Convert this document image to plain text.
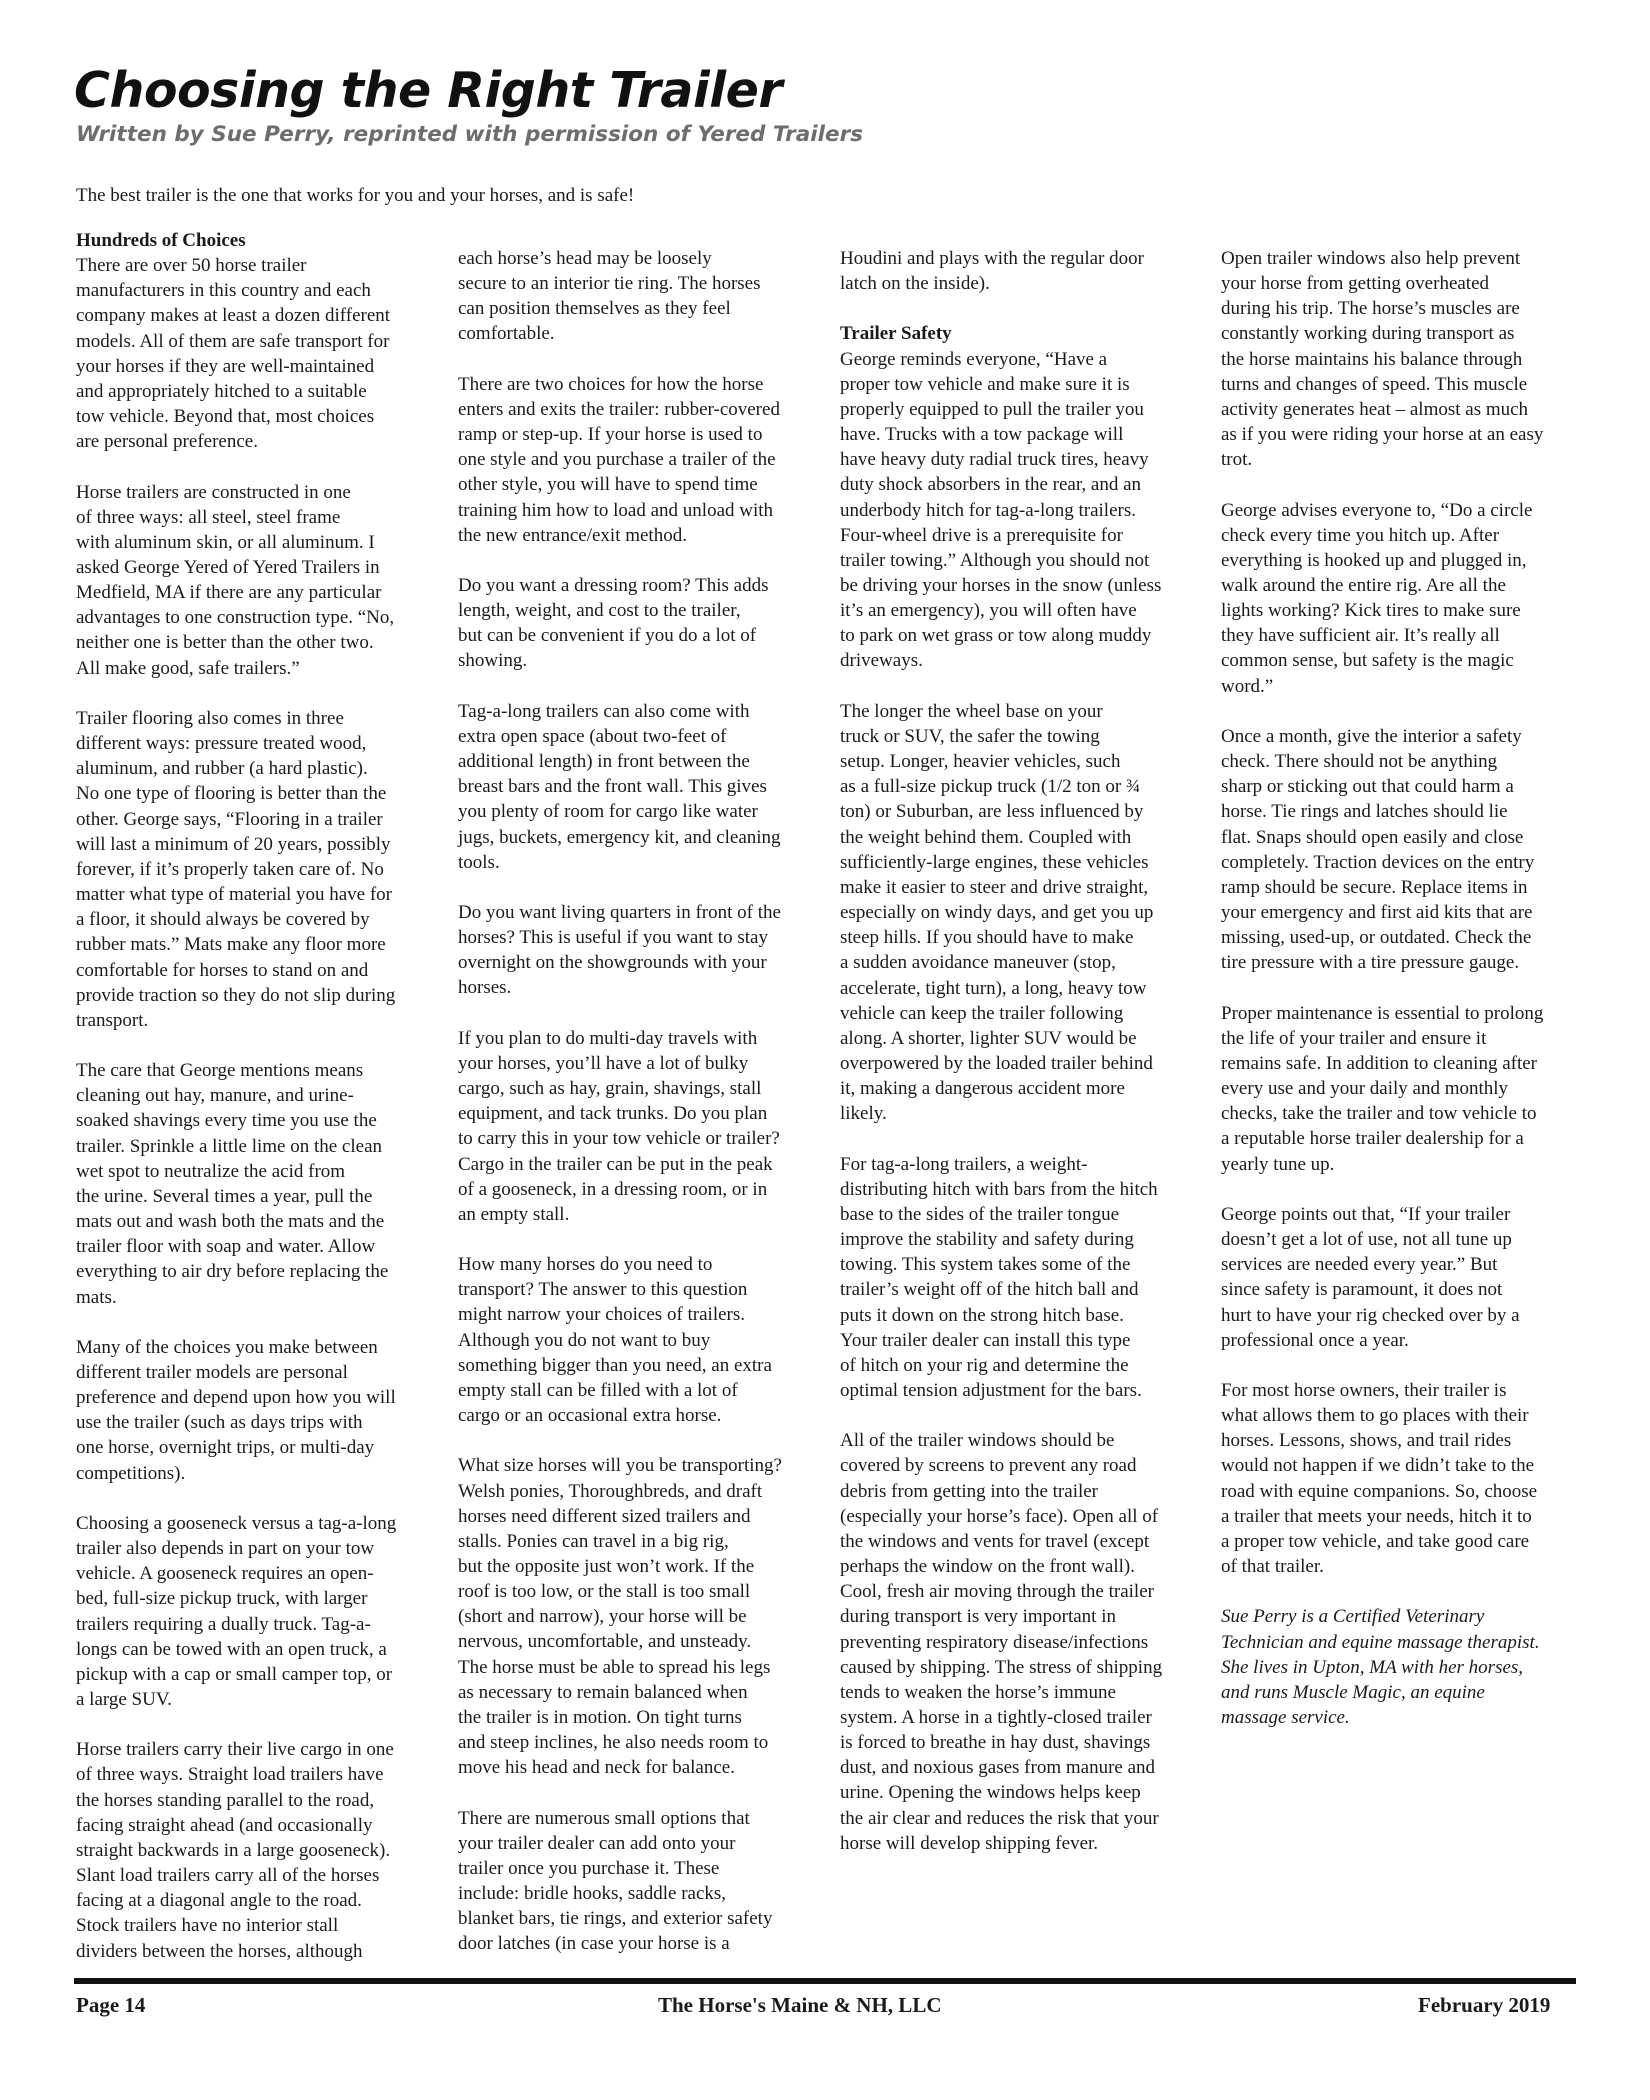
Choosing the Right Trailer

Written by Sue Perry, reprinted with permission of Yered Trailers

The best trailer is the one that works for you and your horses, and is safe!

Hundreds of Choices
There are over 50 horse trailer
manufacturers in this country and each
company makes at least a dozen different
models. All of them are safe transport for
your horses if they are well-maintained
and appropriately hitched to a suitable
tow vehicle. Beyond that, most choices
are personal preference.
Horse trailers are constructed in one
of three ways: all steel, steel frame
with aluminum skin, or all aluminum. I
asked George Yered of Yered Trailers in
Medfield, MA if there are any particular
advantages to one construction type. “No,
neither one is better than the other two.
All make good, safe trailers.”
Trailer flooring also comes in three
different ways: pressure treated wood,
aluminum, and rubber (a hard plastic).
No one type of flooring is better than the
other. George says, “Flooring in a trailer
will last a minimum of 20 years, possibly
forever, if it’s properly taken care of. No
matter what type of material you have for
a floor, it should always be covered by
rubber mats.” Mats make any floor more
comfortable for horses to stand on and
provide traction so they do not slip during
transport.
The care that George mentions means
cleaning out hay, manure, and urine-
soaked shavings every time you use the
trailer. Sprinkle a little lime on the clean
wet spot to neutralize the acid from
the urine. Several times a year, pull the
mats out and wash both the mats and the
trailer floor with soap and water. Allow
everything to air dry before replacing the
mats.
Many of the choices you make between
different trailer models are personal
preference and depend upon how you will
use the trailer (such as days trips with
one horse, overnight trips, or multi-day
competitions).
Choosing a gooseneck versus a tag-a-long
trailer also depends in part on your tow
vehicle. A gooseneck requires an open-
bed, full-size pickup truck, with larger
trailers requiring a dually truck. Tag-a-
longs can be towed with an open truck, a
pickup with a cap or small camper top, or
a large SUV.
Horse trailers carry their live cargo in one
of three ways. Straight load trailers have
the horses standing parallel to the road,
facing straight ahead (and occasionally
straight backwards in a large gooseneck).
Slant load trailers carry all of the horses
facing at a diagonal angle to the road.
Stock trailers have no interior stall
dividers between the horses, although
each horse’s head may be loosely
secure to an interior tie ring. The horses
can position themselves as they feel
comfortable.
There are two choices for how the horse
enters and exits the trailer: rubber-covered
ramp or step-up. If your horse is used to
one style and you purchase a trailer of the
other style, you will have to spend time
training him how to load and unload with
the new entrance/exit method.
Do you want a dressing room? This adds
length, weight, and cost to the trailer,
but can be convenient if you do a lot of
showing.
Tag-a-long trailers can also come with
extra open space (about two-feet of
additional length) in front between the
breast bars and the front wall. This gives
you plenty of room for cargo like water
jugs, buckets, emergency kit, and cleaning
tools.
Do you want living quarters in front of the
horses? This is useful if you want to stay
overnight on the showgrounds with your
horses.
If you plan to do multi-day travels with
your horses, you’ll have a lot of bulky
cargo, such as hay, grain, shavings, stall
equipment, and tack trunks. Do you plan
to carry this in your tow vehicle or trailer?
Cargo in the trailer can be put in the peak
of a gooseneck, in a dressing room, or in
an empty stall.
How many horses do you need to
transport? The answer to this question
might narrow your choices of trailers.
Although you do not want to buy
something bigger than you need, an extra
empty stall can be filled with a lot of
cargo or an occasional extra horse.
What size horses will you be transporting?
Welsh ponies, Thoroughbreds, and draft
horses need different sized trailers and
stalls. Ponies can travel in a big rig,
but the opposite just won’t work. If the
roof is too low, or the stall is too small
(short and narrow), your horse will be
nervous, uncomfortable, and unsteady.
The horse must be able to spread his legs
as necessary to remain balanced when
the trailer is in motion. On tight turns
and steep inclines, he also needs room to
move his head and neck for balance.
There are numerous small options that
your trailer dealer can add onto your
trailer once you purchase it. These
include: bridle hooks, saddle racks,
blanket bars, tie rings, and exterior safety
door latches (in case your horse is a
Houdini and plays with the regular door
latch on the inside).
Trailer Safety
George reminds everyone, “Have a
proper tow vehicle and make sure it is
properly equipped to pull the trailer you
have. Trucks with a tow package will
have heavy duty radial truck tires, heavy
duty shock absorbers in the rear, and an
underbody hitch for tag-a-long trailers.
Four-wheel drive is a prerequisite for
trailer towing.” Although you should not
be driving your horses in the snow (unless
it’s an emergency), you will often have
to park on wet grass or tow along muddy
driveways.
The longer the wheel base on your
truck or SUV, the safer the towing
setup. Longer, heavier vehicles, such
as a full-size pickup truck (1/2 ton or ¾
ton) or Suburban, are less influenced by
the weight behind them. Coupled with
sufficiently-large engines, these vehicles
make it easier to steer and drive straight,
especially on windy days, and get you up
steep hills. If you should have to make
a sudden avoidance maneuver (stop,
accelerate, tight turn), a long, heavy tow
vehicle can keep the trailer following
along. A shorter, lighter SUV would be
overpowered by the loaded trailer behind
it, making a dangerous accident more
likely.
For tag-a-long trailers, a weight-
distributing hitch with bars from the hitch
base to the sides of the trailer tongue
improve the stability and safety during
towing. This system takes some of the
trailer’s weight off of the hitch ball and
puts it down on the strong hitch base.
Your trailer dealer can install this type
of hitch on your rig and determine the
optimal tension adjustment for the bars.
All of the trailer windows should be
covered by screens to prevent any road
debris from getting into the trailer
(especially your horse’s face). Open all of
the windows and vents for travel (except
perhaps the window on the front wall).
Cool, fresh air moving through the trailer
during transport is very important in
preventing respiratory disease/infections
caused by shipping. The stress of shipping
tends to weaken the horse’s immune
system. A horse in a tightly-closed trailer
is forced to breathe in hay dust, shavings
dust, and noxious gases from manure and
urine. Opening the windows helps keep
the air clear and reduces the risk that your
horse will develop shipping fever.
Open trailer windows also help prevent
your horse from getting overheated
during his trip. The horse’s muscles are
constantly working during transport as
the horse maintains his balance through
turns and changes of speed. This muscle
activity generates heat – almost as much
as if you were riding your horse at an easy
trot.
George advises everyone to, “Do a circle
check every time you hitch up. After
everything is hooked up and plugged in,
walk around the entire rig. Are all the
lights working? Kick tires to make sure
they have sufficient air. It’s really all
common sense, but safety is the magic
word.”
Once a month, give the interior a safety
check. There should not be anything
sharp or sticking out that could harm a
horse. Tie rings and latches should lie
flat. Snaps should open easily and close
completely. Traction devices on the entry
ramp should be secure. Replace items in
your emergency and first aid kits that are
missing, used-up, or outdated. Check the
tire pressure with a tire pressure gauge.
Proper maintenance is essential to prolong
the life of your trailer and ensure it
remains safe. In addition to cleaning after
every use and your daily and monthly
checks, take the trailer and tow vehicle to
a reputable horse trailer dealership for a
yearly tune up.
George points out that, “If your trailer
doesn’t get a lot of use, not all tune up
services are needed every year.” But
since safety is paramount, it does not
hurt to have your rig checked over by a
professional once a year.
For most horse owners, their trailer is
what allows them to go places with their
horses. Lessons, shows, and trail rides
would not happen if we didn’t take to the
road with equine companions. So, choose
a trailer that meets your needs, hitch it to
a proper tow vehicle, and take good care
of that trailer.
Sue Perry is a Certified Veterinary
Technician and equine massage therapist.
She lives in Upton, MA with her horses,
and runs Muscle Magic, an equine
massage service.

Page 14	The Horse's Maine & NH, LLC	February 2019
